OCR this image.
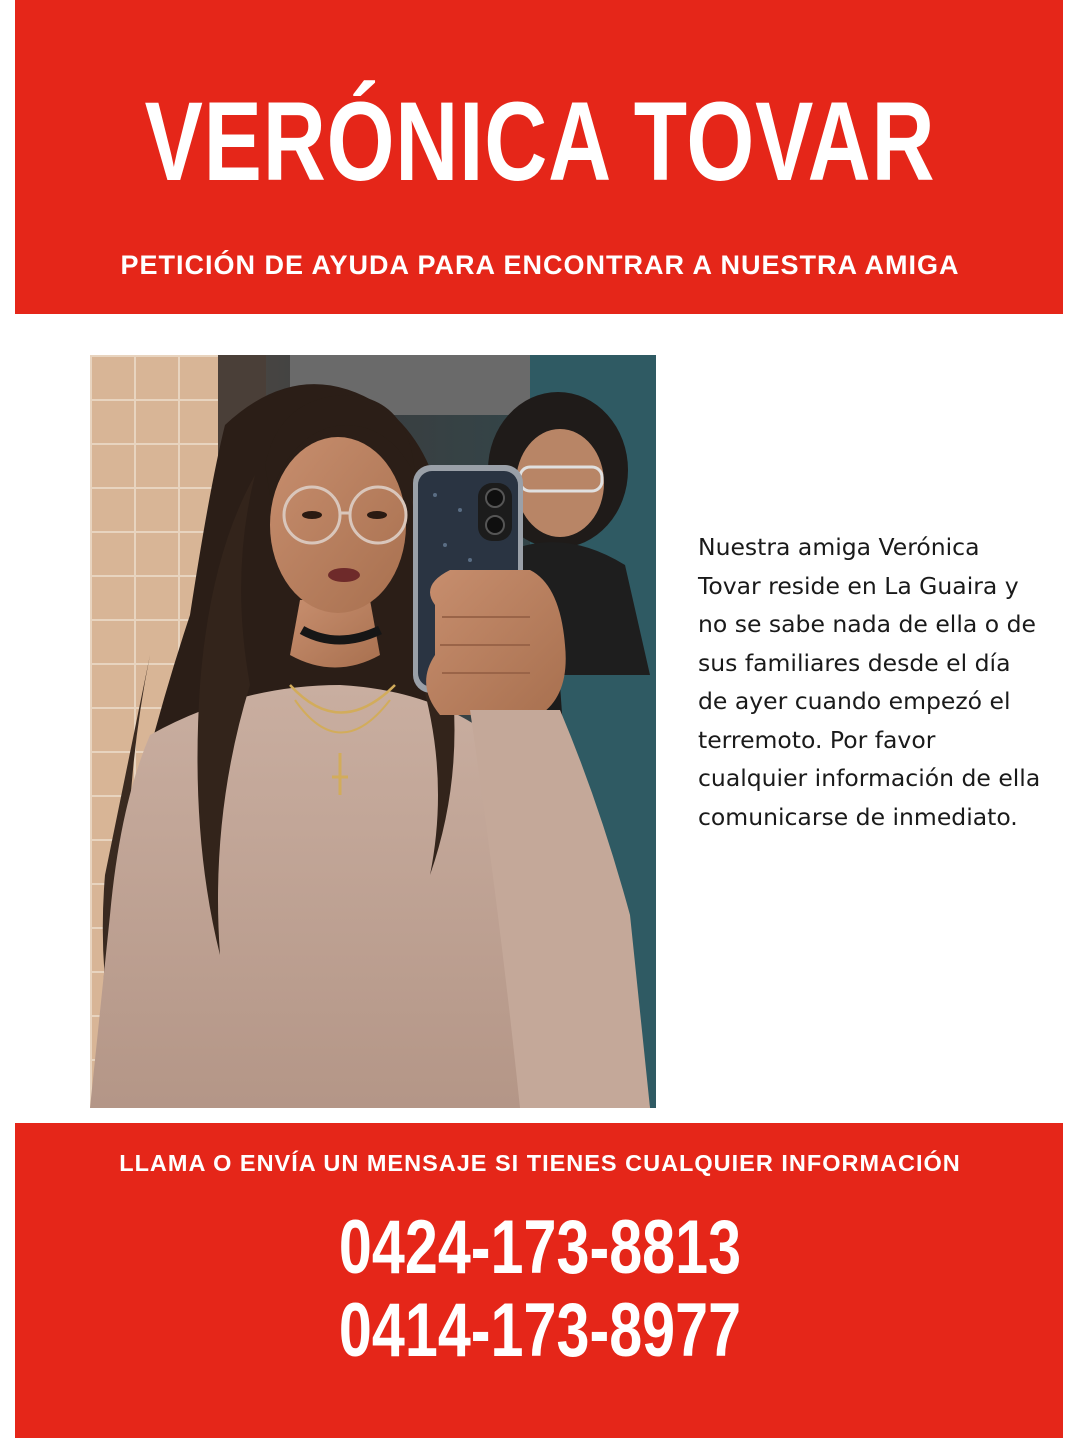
VERÓNICA TOVAR
PETICIÓN DE AYUDA PARA ENCONTRAR A NUESTRA AMIGA
Nuestra amiga Verónica Tovar reside en La Guaira y no se sabe nada de ella o de sus familiares desde el día de ayer cuando empezó el terremoto. Por favor cualquier información de ella comunicarse de inmediato.
LLAMA O ENVÍA UN MENSAJE SI TIENES CUALQUIER INFORMACIÓN
0424-173-8813
0414-173-8977
